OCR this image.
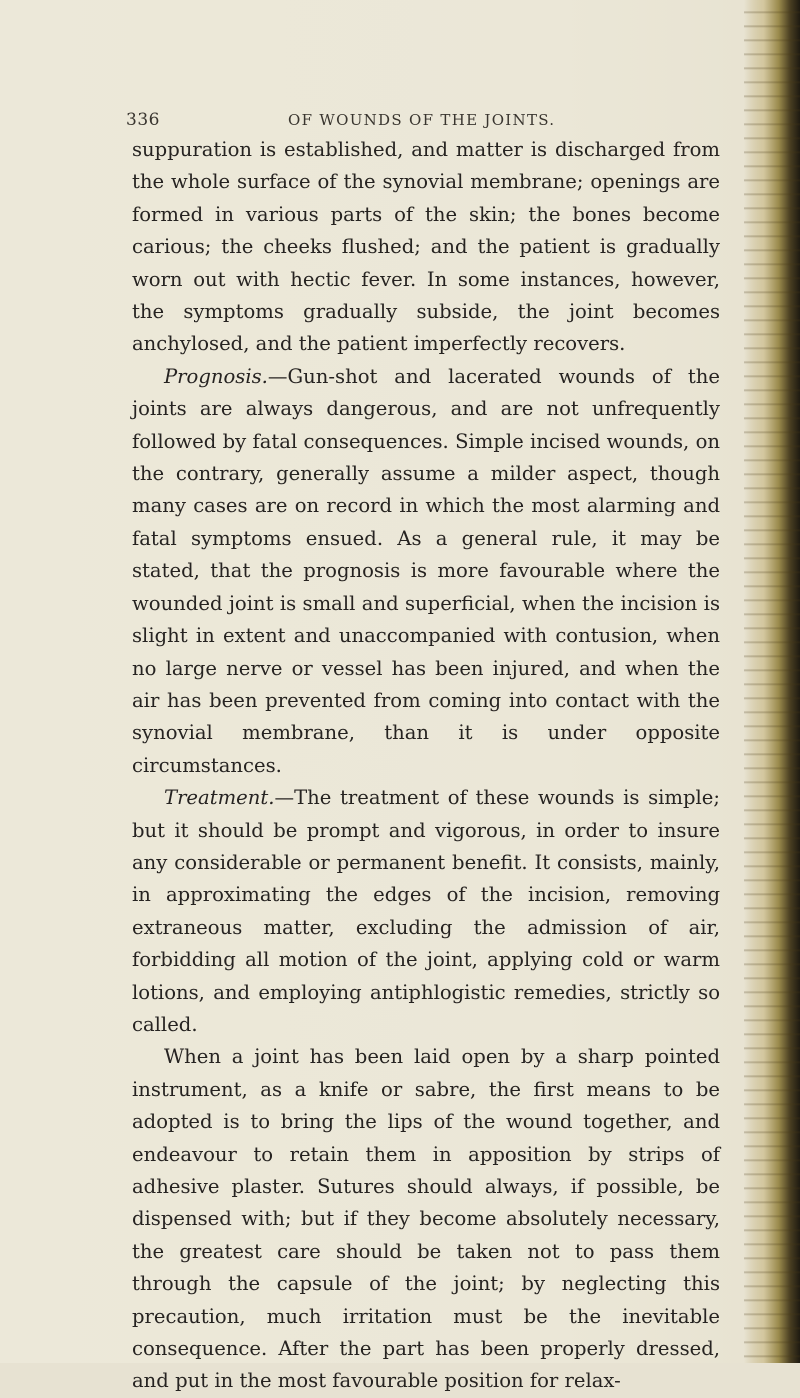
336	OF WOUNDS OF THE JOINTS.

suppuration is established, and matter is discharged from the whole surface of the synovial membrane; openings are formed in various parts of the skin; the bones become carious; the cheeks flushed; and the patient is gradually worn out with hectic fever. In some instances, however, the symptoms gradually subside, the joint becomes anchylosed, and the patient imperfectly recovers.

Prognosis.—Gun-shot and lacerated wounds of the joints are always dangerous, and are not unfrequently followed by fatal consequences. Simple incised wounds, on the contrary, generally assume a milder aspect, though many cases are on record in which the most alarming and fatal symptoms ensued. As a general rule, it may be stated, that the prognosis is more favourable where the wounded joint is small and superficial, when the incision is slight in extent and unaccompanied with contusion, when no large nerve or vessel has been injured, and when the air has been prevented from coming into contact with the synovial membrane, than it is under opposite circumstances.

Treatment.—The treatment of these wounds is simple; but it should be prompt and vigorous, in order to insure any considerable or permanent benefit. It consists, mainly, in approximating the edges of the incision, removing extraneous matter, excluding the admission of air, forbidding all motion of the joint, applying cold or warm lotions, and employing antiphlogistic remedies, strictly so called.

When a joint has been laid open by a sharp pointed instrument, as a knife or sabre, the first means to be adopted is to bring the lips of the wound together, and endeavour to retain them in apposition by strips of adhesive plaster. Sutures should always, if possible, be dispensed with; but if they become absolutely necessary, the greatest care should be taken not to pass them through the capsule of the joint; by neglecting this precaution, much irritation must be the inevitable consequence. After the part has been properly dressed, and put in the most favourable position for relax-
